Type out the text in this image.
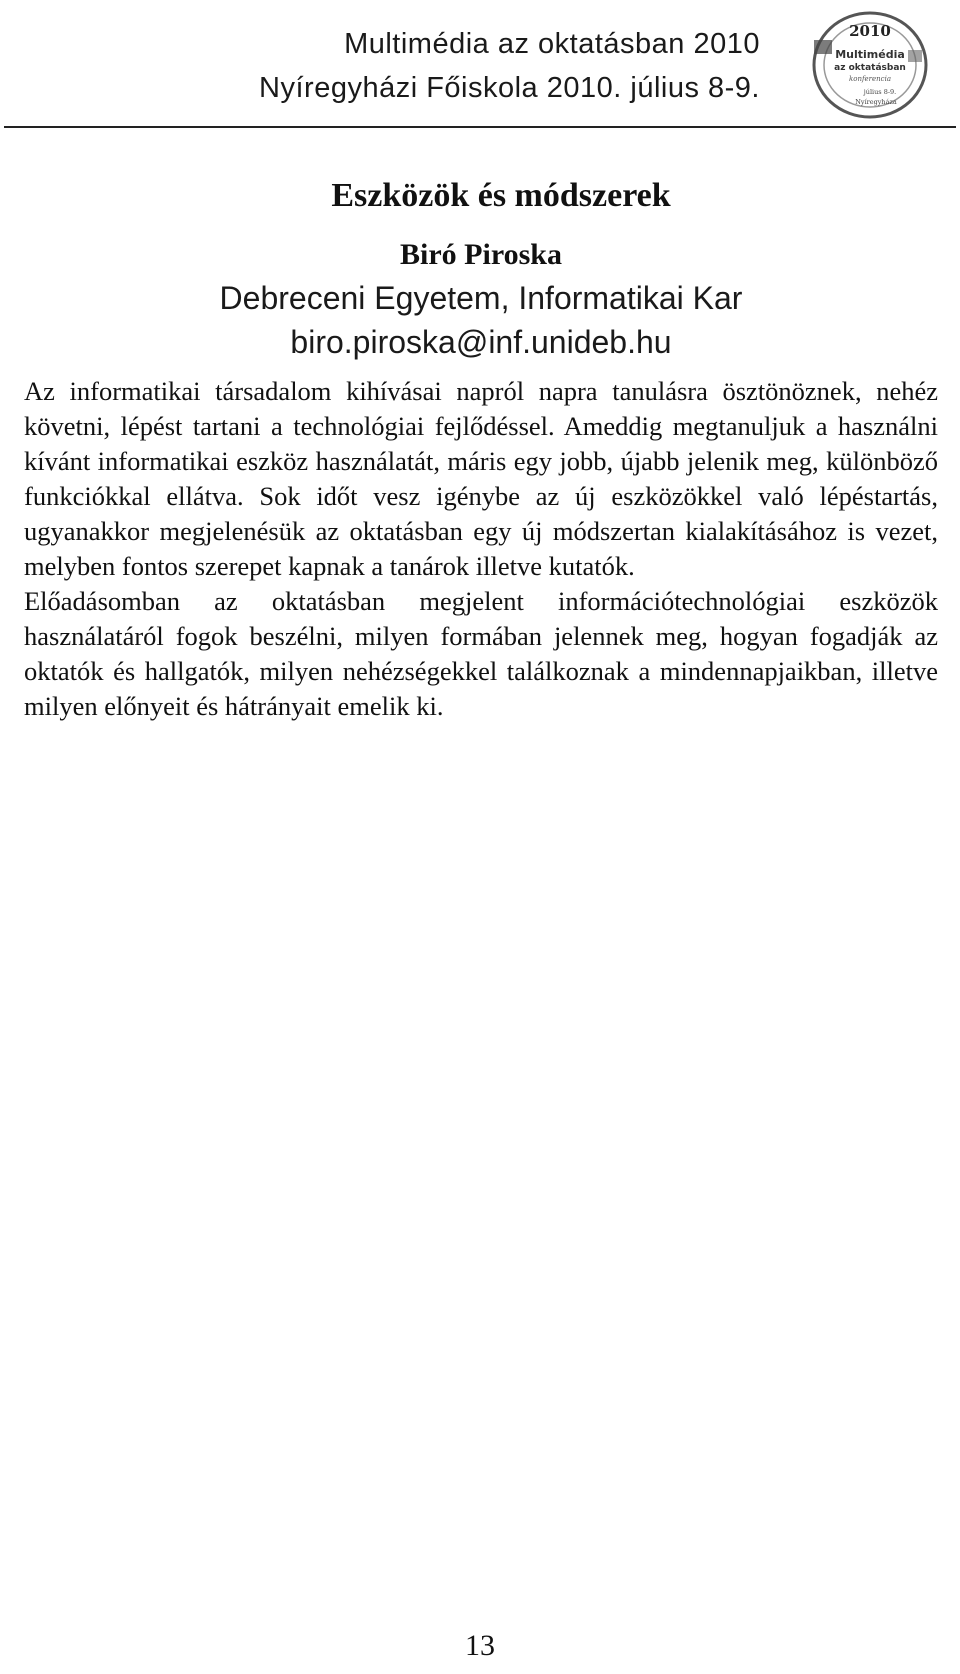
Multimédia az oktatásban 2010
Nyíregyházi Főiskola 2010. július 8-9.
2010
Multimédia
az oktatásban
konferencia
július 8-9.
Nyíregyháza
Eszközök és módszerek
Biró Piroska
Debreceni Egyetem, Informatikai Kar
biro.piroska@inf.unideb.hu

Az informatikai társadalom kihívásai napról napra tanulásra ösztönöznek, nehéz követni, lépést tartani a technológiai fejlődéssel. Ameddig megtanuljuk a használni kívánt informatikai eszköz használatát, máris egy jobb, újabb jelenik meg, különböző funkciókkal ellátva. Sok időt vesz igénybe az új eszközökkel való lépéstartás, ugyanakkor megjelenésük az oktatásban egy új módszertan kialakításához is vezet, melyben fontos szerepet kapnak a tanárok illetve kutatók.

Előadásomban az oktatásban megjelent információtechnológiai eszközök használatáról fogok beszélni, milyen formában jelennek meg, hogyan fogadják az oktatók és hallgatók, milyen nehézségekkel találkoznak a mindennapjaikban, illetve milyen előnyeit és hátrányait emelik ki.

13
